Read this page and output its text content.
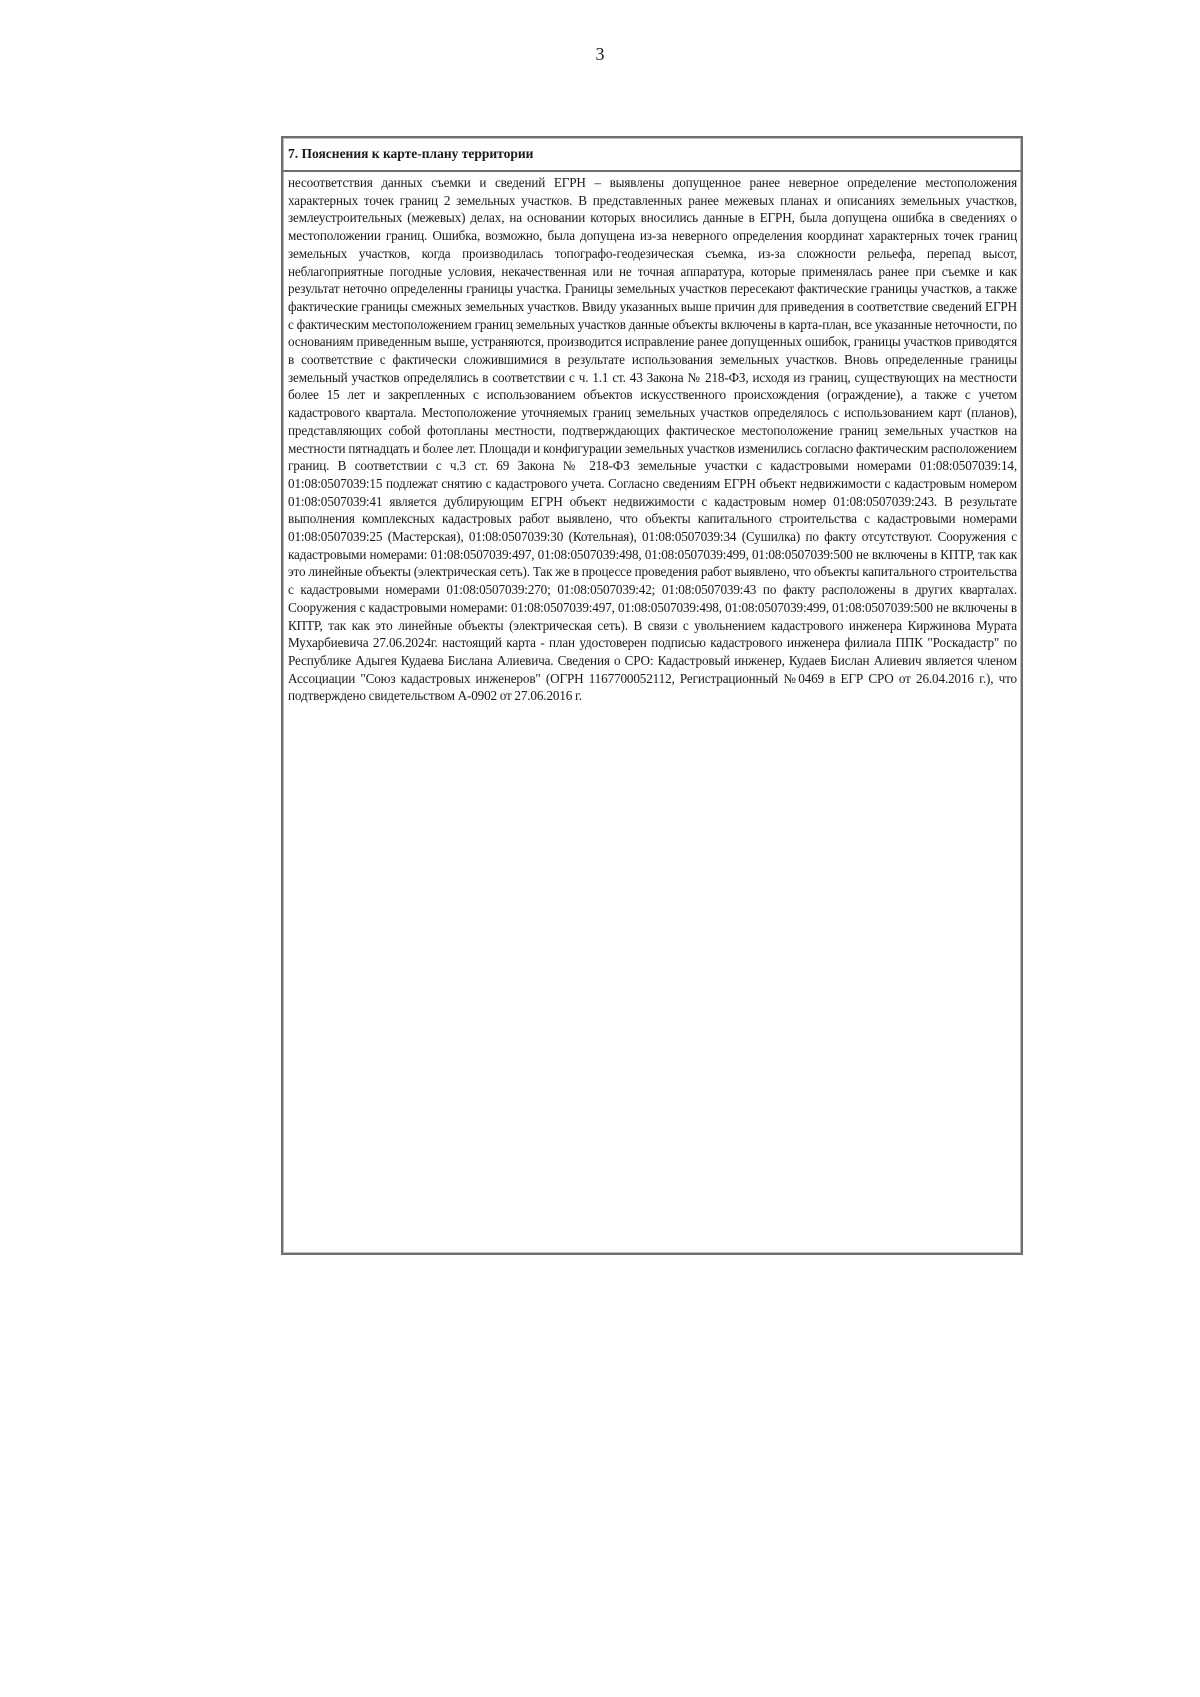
3
7. Пояснения к карте-плану территории
несоответствия данных съемки и сведений ЕГРН – выявлены допущенное ранее неверное определение местоположения характерных точек границ 2 земельных участков. В представленных ранее межевых планах и описаниях земельных участков, землеустроительных (межевых) делах, на основании которых вносились данные в ЕГРН, была допущена ошибка в сведениях о местоположении границ. Ошибка, возможно, была допущена из-за неверного определения координат характерных точек границ земельных участков, когда производилась топографо-геодезическая съемка, из-за сложности рельефа, перепад высот, неблагоприятные погодные условия, некачественная или не точная аппаратура, которые применялась ранее при съемке и как результат неточно определенны границы участка. Границы земельных участков пересекают фактические границы участков, а также фактические границы смежных земельных участков. Ввиду указанных выше причин для приведения в соответствие сведений ЕГРН с фактическим местоположением границ земельных участков данные объекты включены в карта-план, все указанные неточности, по основаниям приведенным выше, устраняются, производится исправление ранее допущенных ошибок, границы участков приводятся в соответствие с фактически сложившимися в результате использования земельных участков. Вновь определенные границы земельный участков определялись в соответствии с ч. 1.1 ст. 43 Закона № 218-ФЗ, исходя из границ, существующих на местности более 15 лет и закрепленных с использованием объектов искусственного происхождения (ограждение), а также с учетом кадастрового квартала. Местоположение уточняемых границ земельных участков определялось с использованием карт (планов), представляющих собой фотопланы местности, подтверждающих фактическое местоположение границ земельных участков на местности пятнадцать и более лет. Площади и конфигурации земельных участков изменились согласно фактическим расположением границ. В соответствии с ч.3 ст. 69 Закона № 218-ФЗ земельные участки с кадастровыми номерами 01:08:0507039:14, 01:08:0507039:15 подлежат снятию с кадастрового учета. Согласно сведениям ЕГРН объект недвижимости с кадастровым номером 01:08:0507039:41 является дублирующим ЕГРН объект недвижимости с кадастровым номер 01:08:0507039:243. В результате выполнения комплексных кадастровых работ выявлено, что объекты капитального строительства с кадастровыми номерами 01:08:0507039:25 (Мастерская), 01:08:0507039:30 (Котельная), 01:08:0507039:34 (Сушилка) по факту отсутствуют. Сооружения с кадастровыми номерами: 01:08:0507039:497, 01:08:0507039:498, 01:08:0507039:499, 01:08:0507039:500 не включены в КПТР, так как это линейные объекты (электрическая сеть). Так же в процессе проведения работ выявлено, что объекты капитального строительства с кадастровыми номерами 01:08:0507039:270; 01:08:0507039:42; 01:08:0507039:43 по факту расположены в других кварталах. Сооружения с кадастровыми номерами: 01:08:0507039:497, 01:08:0507039:498, 01:08:0507039:499, 01:08:0507039:500 не включены в КПТР, так как это линейные объекты (электрическая сеть). В связи с увольнением кадастрового инженера Киржинова Мурата Мухарбиевича 27.06.2024г. настоящий карта - план удостоверен подписью кадастрового инженера филиала ППК "Роскадастр" по Республике Адыгея Кудаева Бислана Алиевича. Сведения о СРО: Кадастровый инженер, Кудаев Бислан Алиевич является членом Ассоциации "Союз кадастровых инженеров" (ОГРН 1167700052112, Регистрационный №0469 в ЕГР СРО от 26.04.2016 г.), что подтверждено свидетельством А-0902 от 27.06.2016 г.
